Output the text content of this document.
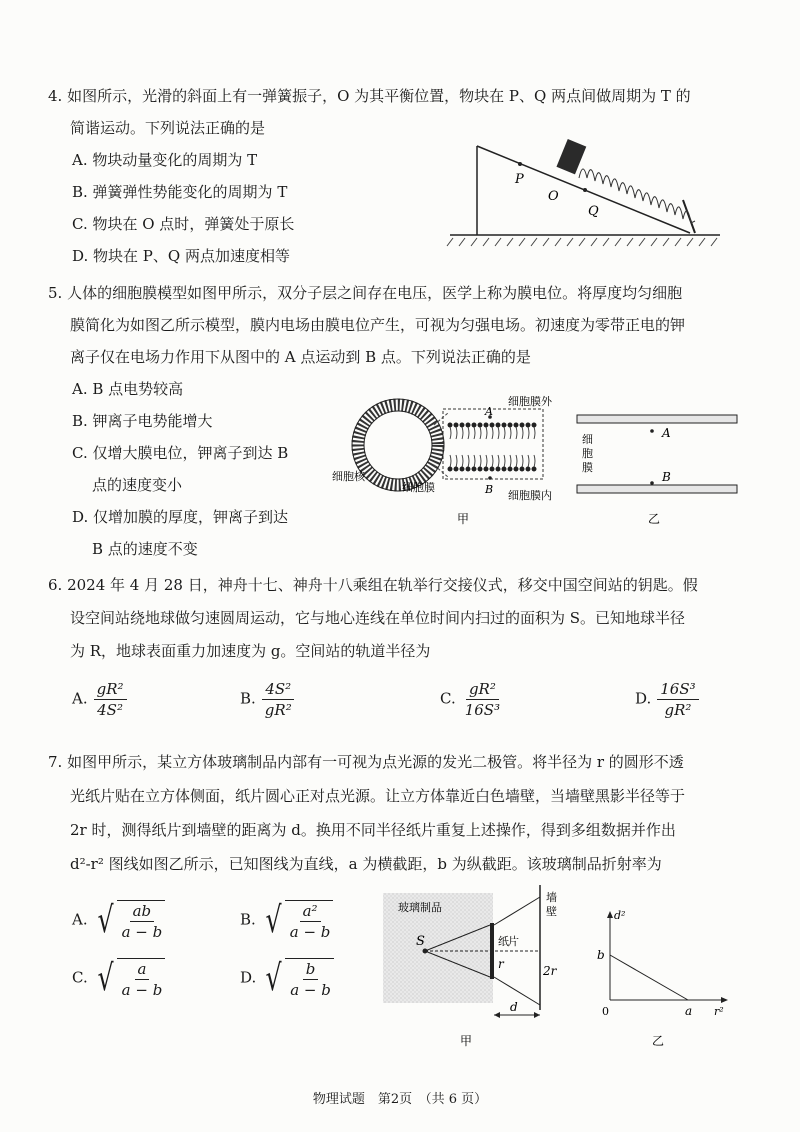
4. 如图所示，光滑的斜面上有一弹簧振子，O 为其平衡位置，物块在 P、Q 两点间做周期为 T 的
简谐运动。下列说法正确的是
A. 物块动量变化的周期为 T
B. 弹簧弹性势能变化的周期为 T
C. 物块在 O 点时，弹簧处于原长
D. 物块在 P、Q 两点加速度相等
P
O
Q
5. 人体的细胞膜模型如图甲所示，双分子层之间存在电压，医学上称为膜电位。将厚度均匀细胞
膜简化为如图乙所示模型，膜内电场由膜电位产生，可视为匀强电场。初速度为零带正电的钾
离子仅在电场力作用下从图中的 A 点运动到 B 点。下列说法正确的是
A. B 点电势较高
B. 钾离子电势能增大
C. 仅增大膜电位，钾离子到达 B
点的速度变小
D. 仅增加膜的厚度，钾离子到达
B 点的速度不变
细胞核
细胞膜
A
B
细胞膜外
细胞膜内
甲
细
胞
膜
A
B
乙
6. 2024 年 4 月 28 日，神舟十七、神舟十八乘组在轨举行交接仪式，移交中国空间站的钥匙。假
设空间站绕地球做匀速圆周运动，它与地心连线在单位时间内扫过的面积为 S。已知地球半径
为 R，地球表面重力加速度为 g。空间站的轨道半径为
A. $\frac{\text{gR²}}{\text{4S²}}$	B. $\frac{\text{4S²}}{\text{gR²}}$	C. $\frac{\text{gR²}}{\text{16S³}}$	D. $\frac{\text{16S³}}{\text{gR²}}$
7. 如图甲所示，某立方体玻璃制品内部有一可视为点光源的发光二极管。将半径为 r 的圆形不透
光纸片贴在立方体侧面，纸片圆心正对点光源。让立方体靠近白色墙壁，当墙壁黑影半径等于
2r 时，测得纸片到墙壁的距离为 d。换用不同半径纸片重复上述操作，得到多组数据并作出
d²-r² 图线如图乙所示，已知图线为直线，a 为横截距，b 为纵截距。该玻璃制品折射率为
A. √ $\frac{ab}{a - b}$	B. √ $\frac{\text{a²}}{a - b}$
C. √ $\frac{a}{a - b}$	D. √ $\frac{b}{a - b}$
玻璃制品
墙
壁
S	纸 片
r	2r
d
甲
d²
r²
b
a
0
乙
物理试题　第2页　（共 6 页）
